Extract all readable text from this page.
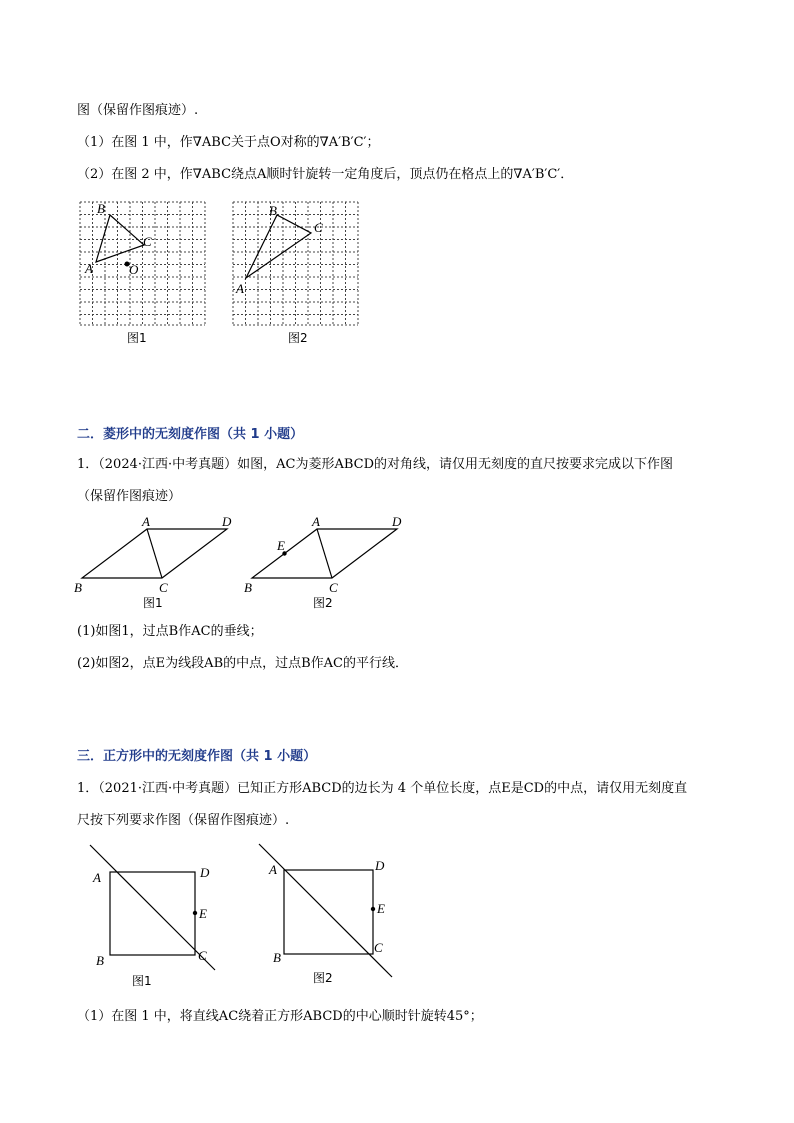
图（保留作图痕迹）.
（1）在图 1 中，作∇ABC关于点O对称的∇A′B′C′；
（2）在图 2 中，作∇ABC绕点A顺时针旋转一定角度后，顶点仍在格点上的∇A′B′C′．
B
C
A	O
图1
B
C
A
图2
二．菱形中的无刻度作图（共 1 小题）
1．（2024·江西·中考真题）如图，AC为菱形ABCD的对角线，请仅用无刻度的直尺按要求完成以下作图
（保留作图痕迹）
A	D
B	C
图1
A	D
E
B	C
图2
(1)如图1，过点B作AC的垂线；
(2)如图2，点E为线段AB的中点，过点B作AC的平行线．
三．正方形中的无刻度作图（共 1 小题）
1．（2021·江西·中考真题）已知正方形ABCD的边长为 4 个单位长度，点E是CD的中点，请仅用无刻度直
尺按下列要求作图（保留作图痕迹）.
A	D
E
B	C
图1
A	D
E
B
C
图2
（1）在图 1 中，将直线AC绕着正方形ABCD的中心顺时针旋转45°；
